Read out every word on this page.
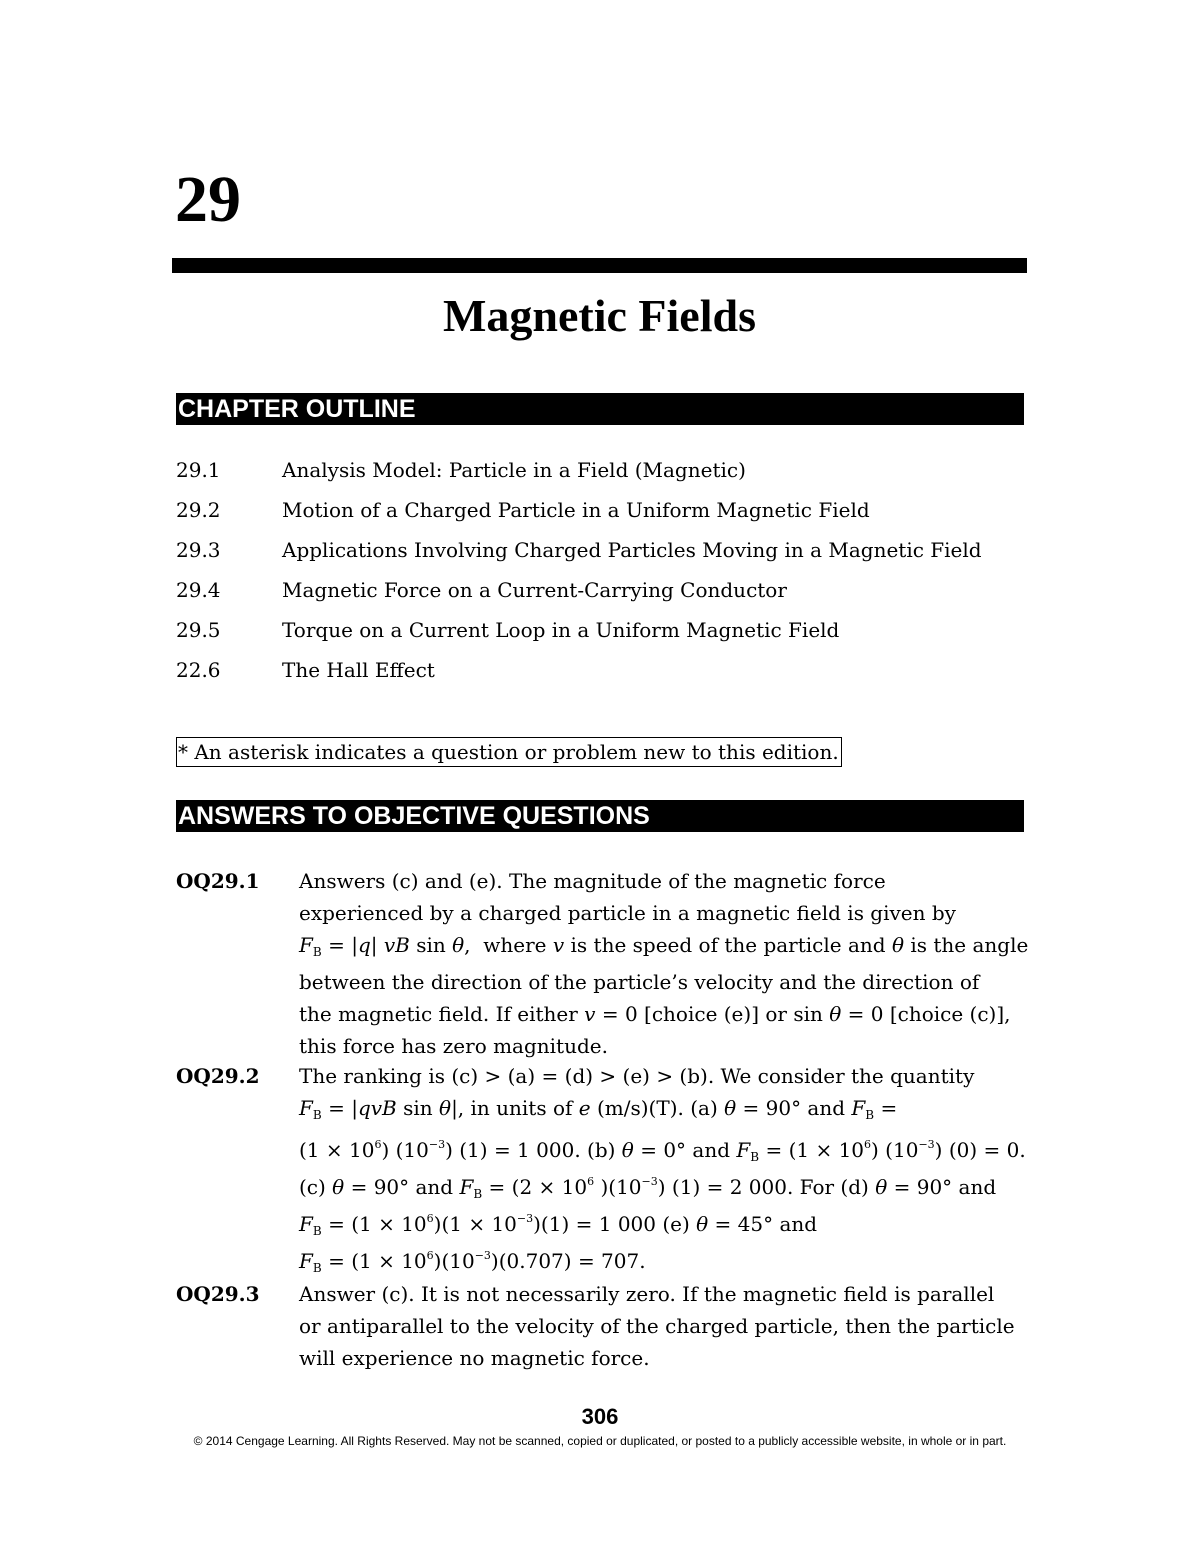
29
Magnetic Fields
CHAPTER OUTLINE
29.1	Analysis Model: Particle in a Field (Magnetic)
29.2	Motion of a Charged Particle in a Uniform Magnetic Field
29.3	Applications Involving Charged Particles Moving in a Magnetic Field
29.4	Magnetic Force on a Current-Carrying Conductor
29.5	Torque on a Current Loop in a Uniform Magnetic Field
22.6	The Hall Effect
* An asterisk indicates a question or problem new to this edition.
ANSWERS TO OBJECTIVE QUESTIONS
OQ29.1 Answers (c) and (e). The magnitude of the magnetic force
experienced by a charged particle in a magnetic field is given by
$F_B = |q|$ vB sin θ,  where v is the speed of the particle and θ is the angle
between the direction of the particle’s velocity and the direction of
the magnetic field. If either v = 0 [choice (e)] or sin θ = 0 [choice (c)],
this force has zero magnitude.
OQ29.2 The ranking is (c) > (a) = (d) > (e) > (b). We consider the quantity
$F_B = |qvB$ sin θ|, in units of e (m/s)(T). (a) θ = 90° and $F_B$ =
$(1 \times 10^6)$ $(10^{-3}) (1) = 1$ 000. (b) θ = 0° and $F_B = (1 \times 10^6)$ $(10^{-3}) (0) = 0$.
(c) θ = 90° and $F_B = (2 \times 10^6$ )$(10^{-3})$ (1) = 2 000. For (d) θ = 90° and
$F_B = (1 \times 10^6)(1 \times 10^{-3})(1) = 1$ 000 (e) θ = 45° and
$F_B = (1 \times 10^6)(10^{-3})(0.707) = 707$.
OQ29.3 Answer (c). It is not necessarily zero. If the magnetic field is parallel
or antiparallel to the velocity of the charged particle, then the particle
will experience no magnetic force.
306
© 2014 Cengage Learning. All Rights Reserved. May not be scanned, copied or duplicated, or posted to a publicly accessible website, in whole or in part.
